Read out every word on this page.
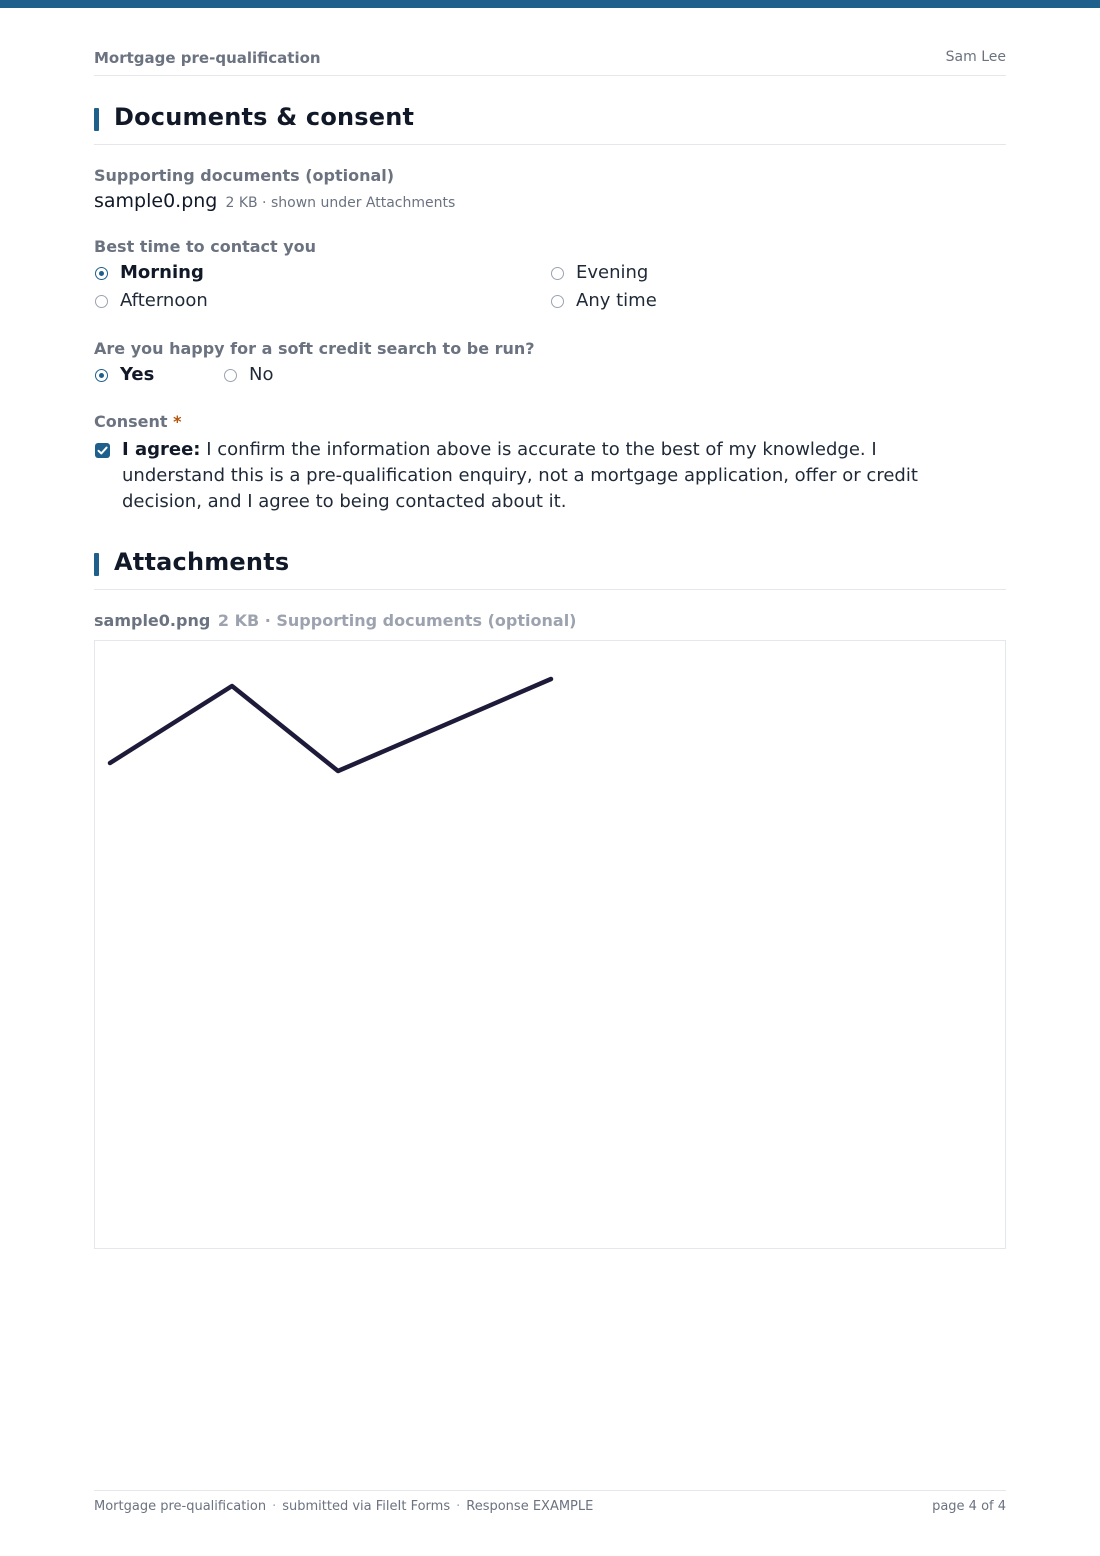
Mortgage pre-qualification	Sam Lee
Documents & consent
Supporting documents (optional)
sample0.png 2 KB · shown under Attachments
Best time to contact you
Morning	Evening
Afternoon	Any time
Are you happy for a soft credit search to be run?
Yes	No
Consent *
I agree: I confirm the information above is accurate to the best of my knowledge. I understand this is a pre-qualification enquiry, not a mortgage application, offer or credit decision, and I agree to being contacted about it.
Attachments
sample0.png 2 KB · Supporting documents (optional)
Mortgage pre-qualification · submitted via FileIt Forms · Response EXAMPLE	page 4 of 4
